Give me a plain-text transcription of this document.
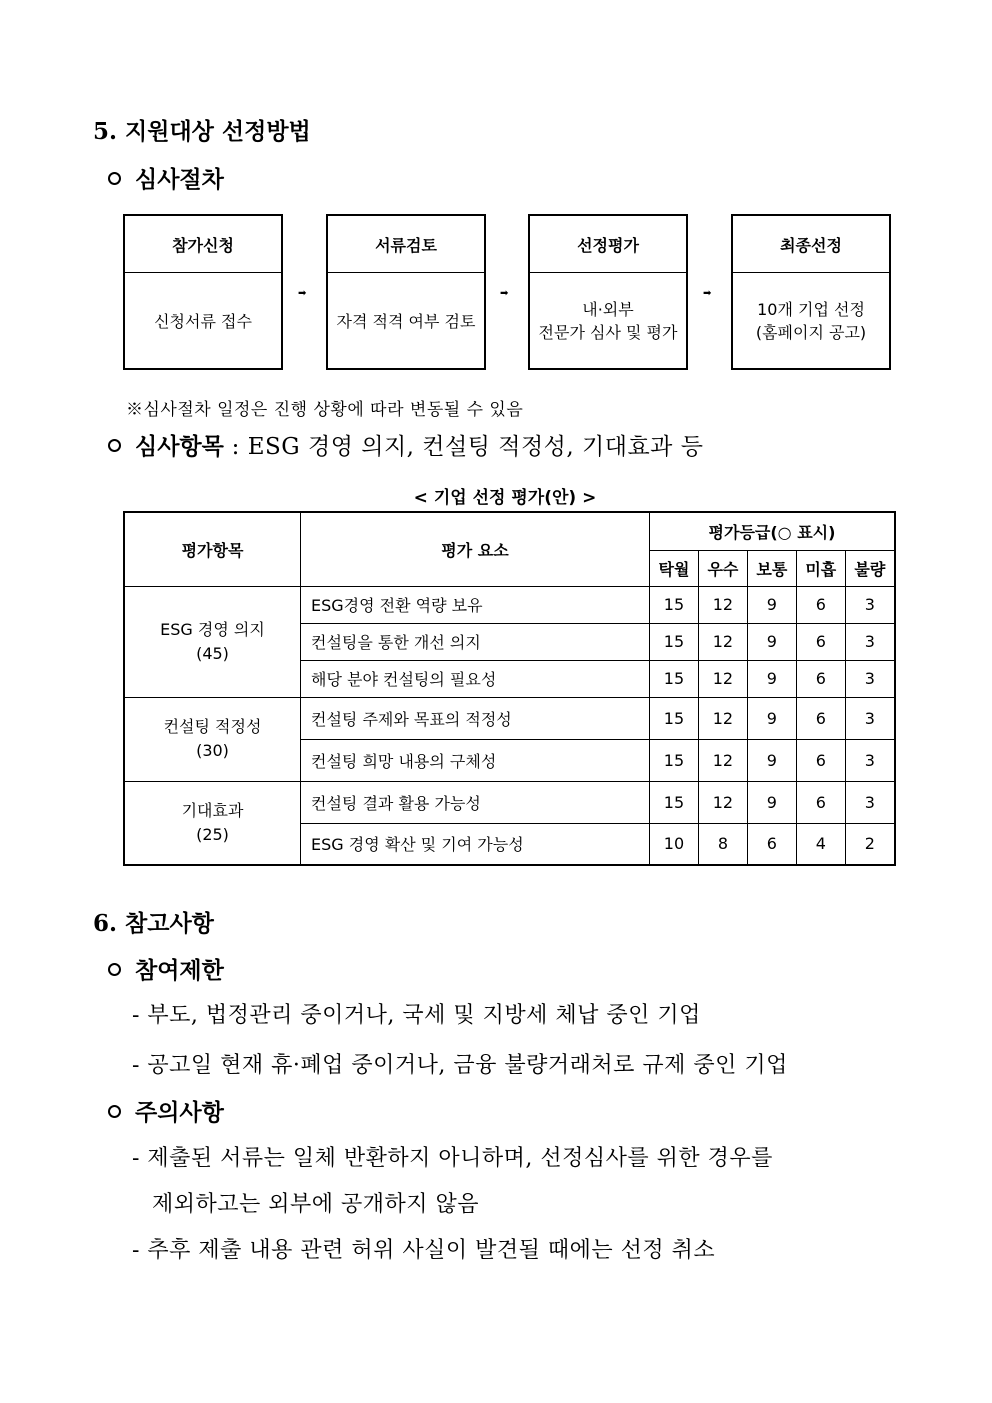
5. 지원대상 선정방법
심사절차
참가신청
신청서류 접수
➡
서류검토
자격 적격 여부 검토
➡
선정평가
내·외부
전문가 심사 및 평가
➡
최종선정
10개 기업 선정
(홈페이지 공고)
※심사절차 일정은 진행 상황에 따라 변동될 수 있음
심사항목 : ESG 경영 의지, 컨설팅 적정성, 기대효과 등
< 기업 선정 평가(안) >
평가항목	평가 요소	평가등급(○ 표시)				
		탁월	우수	보통	미흡	불량

ESG 경영 의지
(45)	ESG경영 전환 역량 보유	15	12	9	6	3
	컨설팅을 통한 개선 의지	15	12	9	6	3
	해당 분야 컨설팅의 필요성	15	12	9	6	3

컨설팅 적정성
(30)	컨설팅 주제와 목표의 적정성	15	12	9	6	3
	컨설팅 희망 내용의 구체성	15	12	9	6	3

기대효과
(25)	컨설팅 결과 활용 가능성	15	12	9	6	3
	ESG 경영 확산 및 기여 가능성	10	8	6	4	2
6. 참고사항
참여제한
- 부도, 법정관리 중이거나, 국세 및 지방세 체납 중인 기업
- 공고일 현재 휴·폐업 중이거나, 금융 불량거래처로 규제 중인 기업
주의사항
- 제출된 서류는 일체 반환하지 아니하며, 선정심사를 위한 경우를
제외하고는 외부에 공개하지 않음
- 추후 제출 내용 관련 허위 사실이 발견될 때에는 선정 취소
